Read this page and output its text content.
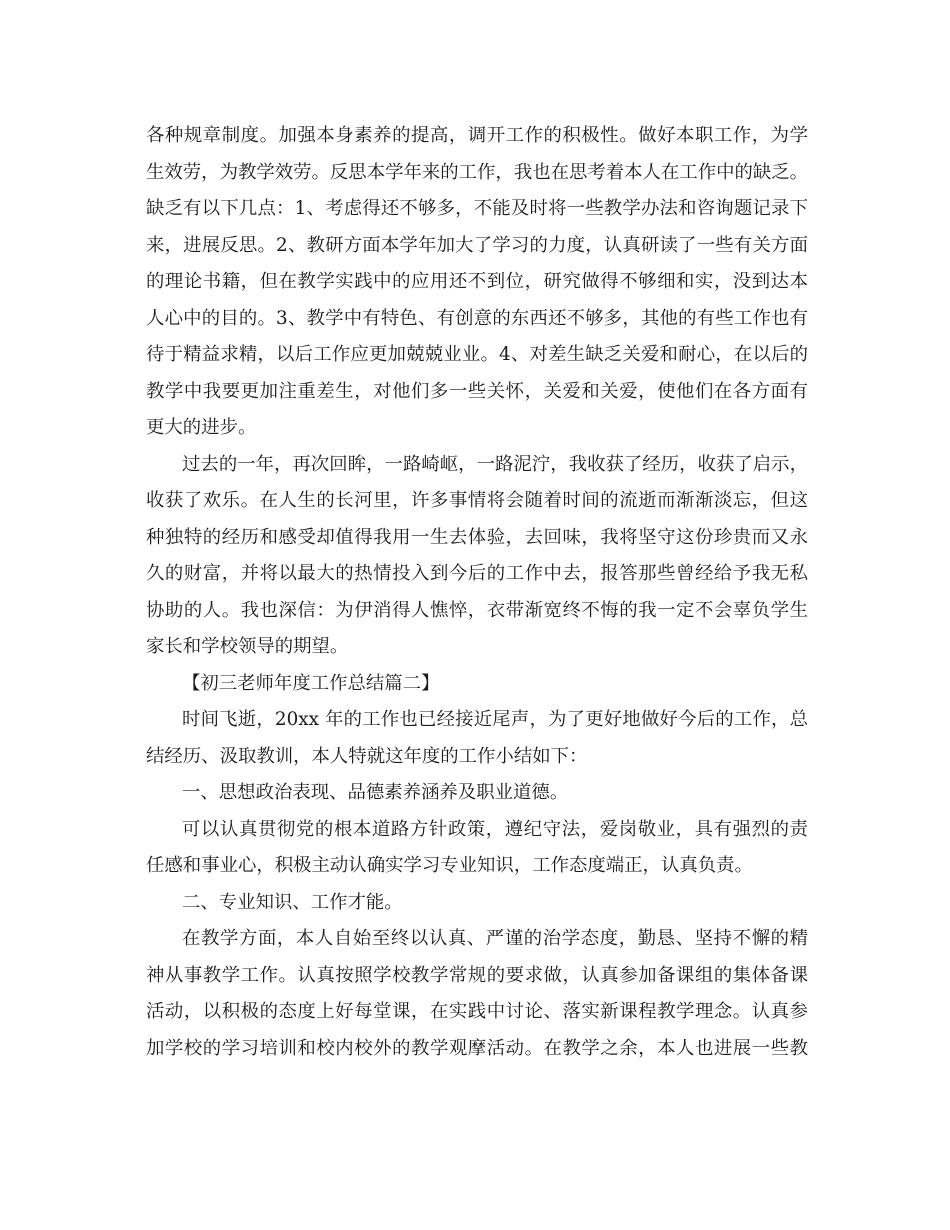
各种规章制度。加强本身素养的提高，调开工作的积极性。做好本职工作，为学
生效劳，为教学效劳。反思本学年来的工作，我也在思考着本人在工作中的缺乏。
缺乏有以下几点：1、考虑得还不够多，不能及时将一些教学办法和咨询题记录下
来，进展反思。2、教研方面本学年加大了学习的力度，认真研读了一些有关方面
的理论书籍，但在教学实践中的应用还不到位，研究做得不够细和实，没到达本
人心中的目的。3、教学中有特色、有创意的东西还不够多，其他的有些工作也有
待于精益求精，以后工作应更加兢兢业业。4、对差生缺乏关爱和耐心，在以后的
教学中我要更加注重差生，对他们多一些关怀，关爱和关爱，使他们在各方面有
更大的进步。
过去的一年，再次回眸，一路崎岖，一路泥泞，我收获了经历，收获了启示，
收获了欢乐。在人生的长河里，许多事情将会随着时间的流逝而渐渐淡忘，但这
种独特的经历和感受却值得我用一生去体验，去回味，我将坚守这份珍贵而又永
久的财富，并将以最大的热情投入到今后的工作中去，报答那些曾经给予我无私
协助的人。我也深信：为伊消得人憔悴，衣带渐宽终不悔的我一定不会辜负学生
家长和学校领导的期望。
【初三老师年度工作总结篇二】
时间飞逝，20xx 年的工作也已经接近尾声，为了更好地做好今后的工作，总
结经历、汲取教训，本人特就这年度的工作小结如下：
一、思想政治表现、品德素养涵养及职业道德。
可以认真贯彻党的根本道路方针政策，遵纪守法，爱岗敬业，具有强烈的责
任感和事业心，积极主动认确实学习专业知识，工作态度端正，认真负责。
二、专业知识、工作才能。
在教学方面，本人自始至终以认真、严谨的治学态度，勤恳、坚持不懈的精
神从事教学工作。认真按照学校教学常规的要求做，认真参加备课组的集体备课
活动，以积极的态度上好每堂课，在实践中讨论、落实新课程教学理念。认真参
加学校的学习培训和校内校外的教学观摩活动。在教学之余，本人也进展一些教
